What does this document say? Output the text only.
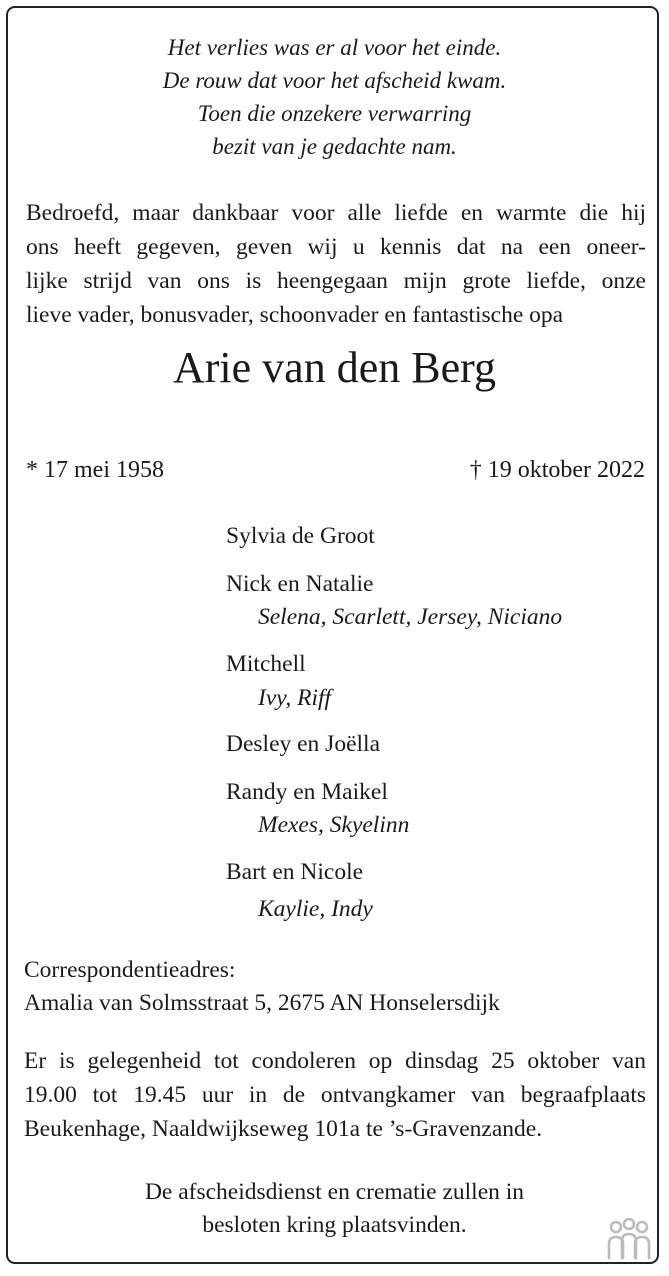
Het verlies was er al voor het einde.
De rouw dat voor het afscheid kwam.
Toen die onzekere verwarring
bezit van je gedachte nam.
Bedroefd, maar dankbaar voor alle liefde en warmte die hij
ons heeft gegeven, geven wij u kennis dat na een oneer-
lijke strijd van ons is heengegaan mijn grote liefde, onze
lieve vader, bonusvader, schoonvader en fantastische opa
Arie van den Berg
* 17 mei 1958	† 19 oktober 2022
Sylvia de Groot
Nick en Natalie
Selena, Scarlett, Jersey, Niciano
Mitchell
Ivy, Riff
Desley en Joëlla
Randy en Maikel
Mexes, Skyelinn
Bart en Nicole
Kaylie, Indy
Correspondentieadres:
Amalia van Solmsstraat 5, 2675 AN Honselersdijk
Er is gelegenheid tot condoleren op dinsdag 25 oktober van
19.00 tot 19.45 uur in de ontvangkamer van begraafplaats
Beukenhage, Naaldwijkseweg 101a te ’s-Gravenzande.
De afscheidsdienst en crematie zullen in
besloten kring plaatsvinden.
